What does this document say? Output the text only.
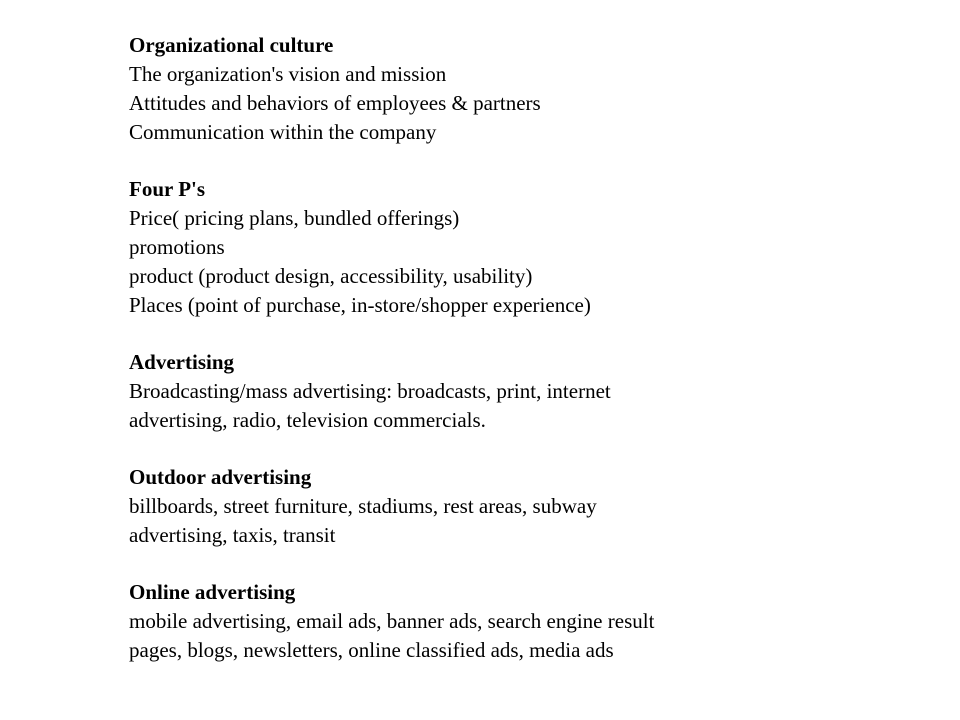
Organizational culture

The organization's vision and mission

Attitudes and behaviors of employees & partners

Communication within the company

Four P's

Price( pricing plans, bundled offerings)

promotions

product (product design, accessibility, usability)

Places (point of purchase, in-store/shopper experience)

Advertising

Broadcasting/mass advertising: broadcasts, print, internet

advertising, radio, television commercials.

Outdoor advertising

billboards, street furniture, stadiums, rest areas, subway

advertising, taxis, transit

Online advertising

mobile advertising, email ads, banner ads, search engine result

pages, blogs, newsletters, online classified ads, media ads
